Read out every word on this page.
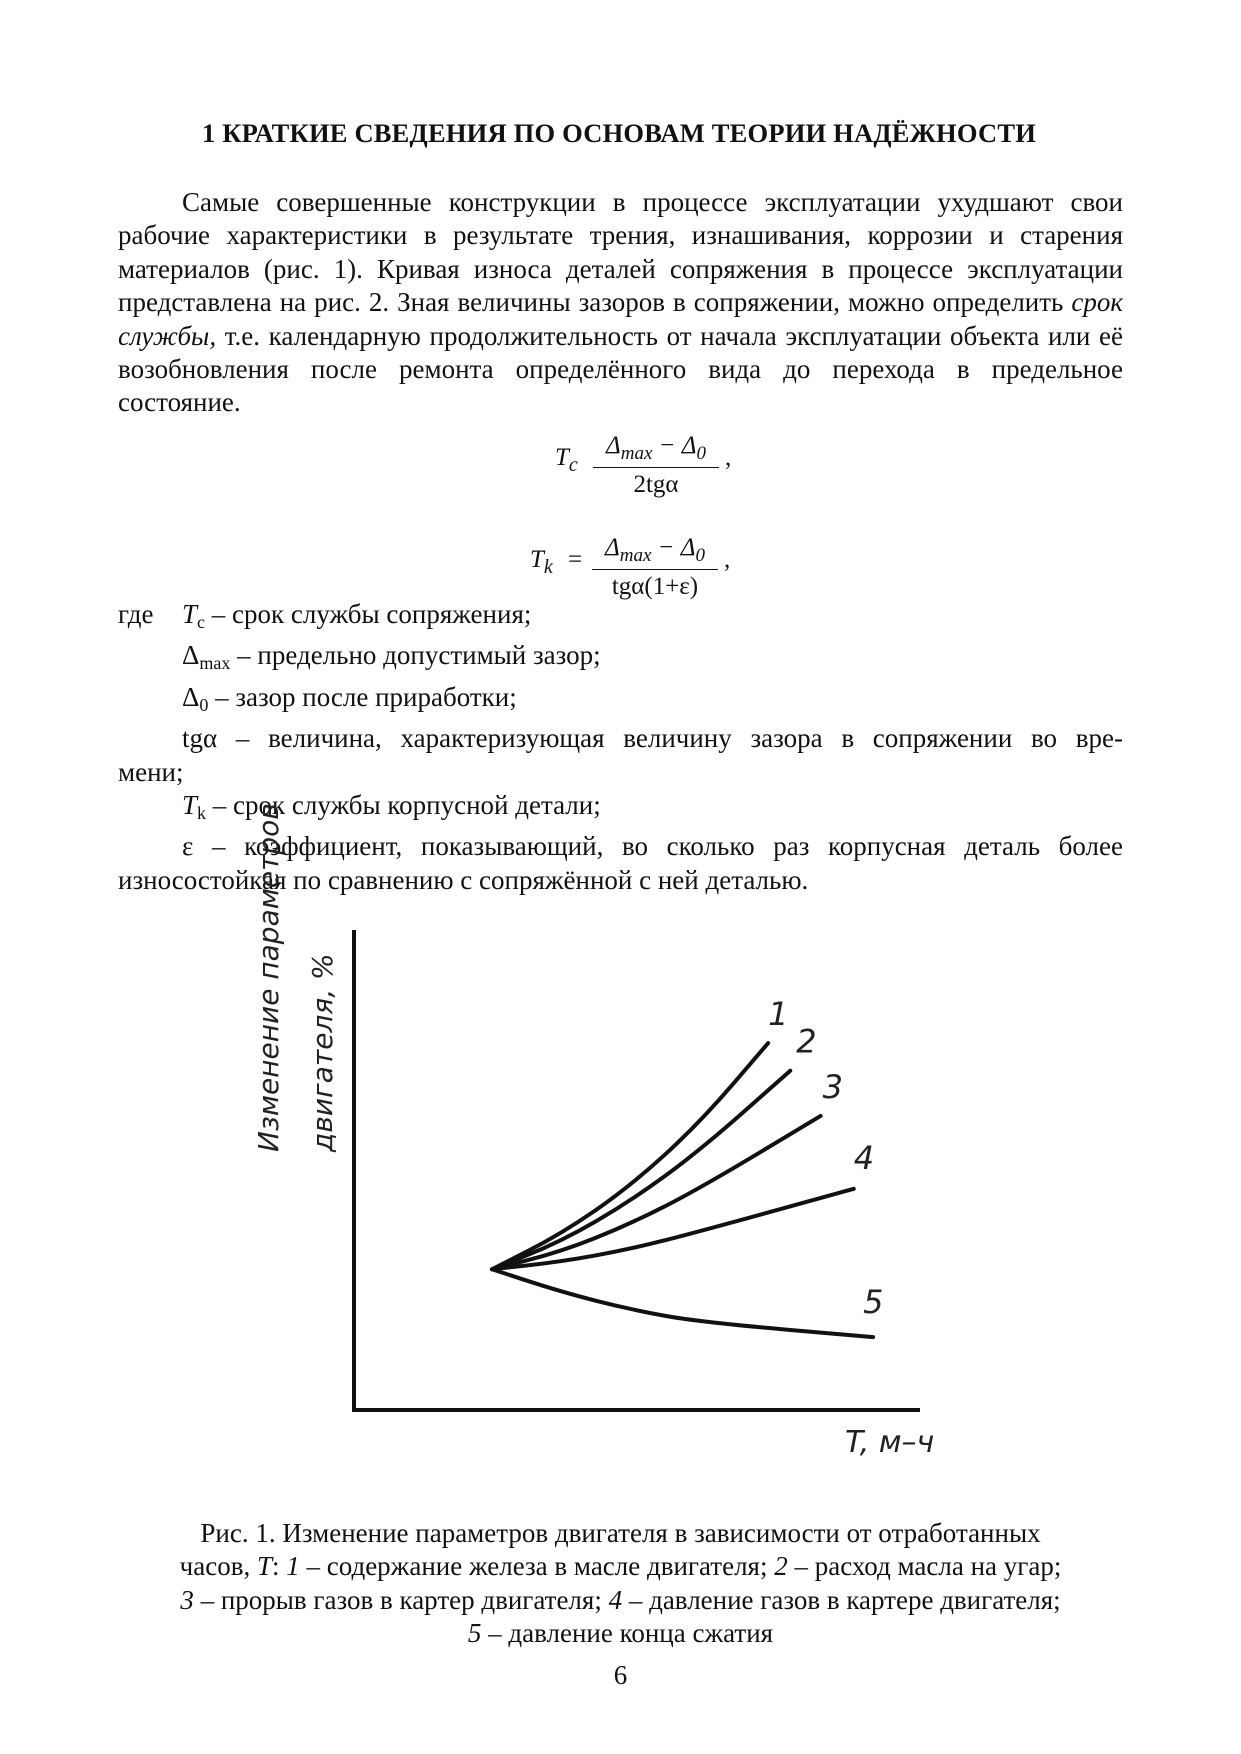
1 КРАТКИЕ СВЕДЕНИЯ ПО ОСНОВАМ ТЕОРИИ НАДЁЖНОСТИ

Самые совершенные конструкции в процессе эксплуатации ухудшают свои рабочие характеристики в результате трения, изнашивания, коррозии и старения материалов (рис. 1). Кривая износа деталей сопряжения в процессе эксплуатации представлена на рис. 2. Зная величины зазоров в сопряжении, можно определить срок службы, т.е. календарную продолжительность от начала эксплуатации объекта или её возобновления после ремонта определённого вида до перехода в предельное состояние.

$T_c$
$\Delta_{max} - \Delta_0$
2tgα
,
$T_k = \Delta_{max} - \Delta_0$
tgα(1+ε)
,

где Tс – срок службы сопряжения;

Δmax – предельно допустимый зазор;

Δ0 – зазор после приработки;

tgα – величина, характеризующая величину зазора в сопряжении во вре-

мени;

Tk – срок службы корпусной детали;

ε – коэффициент, показывающий, во сколько раз корпусная деталь более

износостойкая по сравнению с сопряжённой с ней деталью.

Изменение параметров двигателя, %
T, м–ч
1
2
3
4
5

Рис. 1. Изменение параметров двигателя в зависимости от отработанных
часов, T: 1 – содержание железа в масле двигателя; 2 – расход масла на угар;
3 – прорыв газов в картер двигателя; 4 – давление газов в картере двигателя;
5 – давление конца сжатия

6
